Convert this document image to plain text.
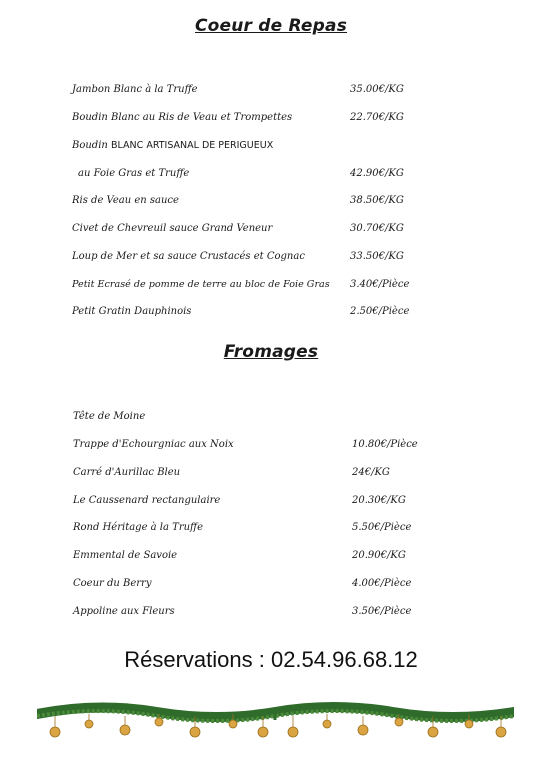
Coeur de Repas
Jambon Blanc à la Truffe	35.00€/KG
Boudin Blanc au Ris de Veau et Trompettes	22.70€/KG
Boudin BLANC ARTISANAL DE PERIGUEUX
au Foie Gras et Truffe	42.90€/KG
Ris de Veau en sauce	38.50€/KG
Civet de Chevreuil sauce Grand Veneur	30.70€/KG
Loup de Mer et sa sauce Crustacés et Cognac	33.50€/KG
Petit Ecrasé de pomme de terre au bloc de Foie Gras 3.40€/Pièce
Petit Gratin Dauphinois	2.50€/Pièce
Fromages
Tête de Moine
Trappe d'Echourgniac aux Noix	10.80€/Pièce
Carré d'Aurillac Bleu	24€/KG
Le Caussenard rectangulaire	20.30€/KG
Rond Héritage à la Truffe	5.50€/Pièce
Emmental de Savoie	20.90€/KG
Coeur du Berry	4.00€/Pièce
Appoline aux Fleurs	3.50€/Pièce
Réservations : 02.54.96.68.12
